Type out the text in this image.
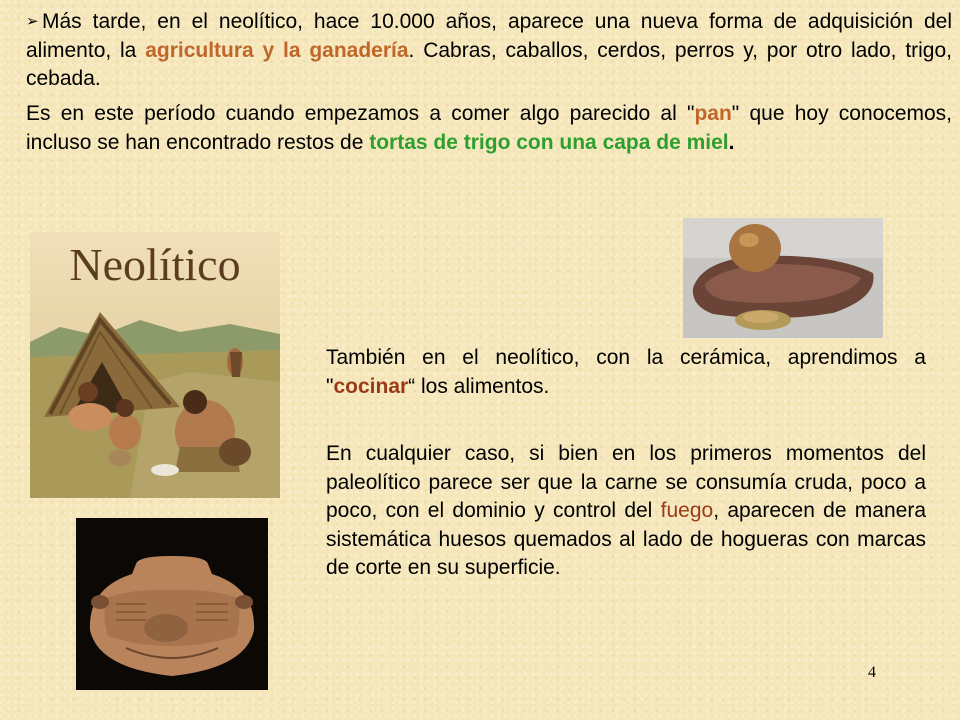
➢ Más tarde, en el neolítico, hace 10.000 años, aparece una nueva forma de adquisición del alimento, la agricultura y la ganadería. Cabras, caballos, cerdos, perros y, por otro lado, trigo, cebada.
Es en este período cuando empezamos a comer algo parecido al "pan" que hoy conocemos, incluso se han encontrado restos de tortas de trigo con una capa de miel.
Neolítico
También en el neolítico, con la cerámica, aprendimos a "cocinar“ los alimentos.
En cualquier caso, si bien en los primeros momentos del paleolítico parece ser que la carne se consumía cruda, poco a poco, con el dominio y control del fuego, aparecen de manera sistemática huesos quemados al lado de hogueras con marcas de corte en su superficie.
4
